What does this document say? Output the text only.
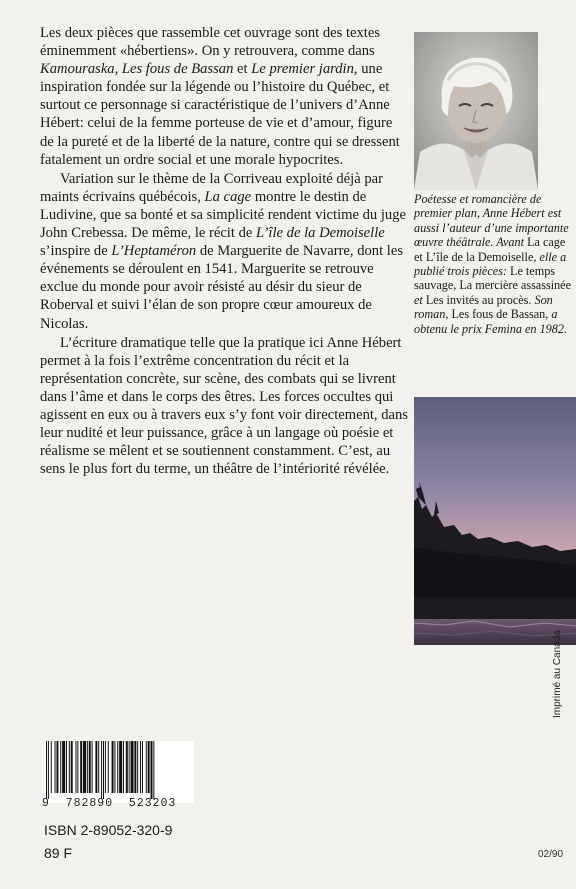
Les deux pièces que rassemble cet ouvrage sont des textes éminemment «hébertiens». On y retrouvera, comme dans Kamouraska, Les fous de Bassan et Le premier jardin, une inspiration fondée sur la légende ou l’histoire du Québec, et surtout ce personnage si caractéristique de l’univers d’Anne Hébert: celui de la femme porteuse de vie et d’amour, figure de la pureté et de la liberté de la nature, contre qui se dressent fatalement un ordre social et une morale hypocrites.

Variation sur le thème de la Corriveau exploité déjà par maints écrivains québécois, La cage montre le destin de Ludivine, que sa bonté et sa simplicité rendent victime du juge John Crebessa. De même, le récit de L’île de la Demoiselle s’inspire de L’Heptaméron de Marguerite de Navarre, dont les événements se déroulent en 1541. Marguerite se retrouve exclue du monde pour avoir résisté au désir du sieur de Roberval et suivi l’élan de son propre cœur amoureux de Nicolas.

L’écriture dramatique telle que la pratique ici Anne Hébert permet à la fois l’extrême concentration du récit et la représentation concrète, sur scène, des combats qui se livrent dans l’âme et dans le corps des êtres. Les forces occultes qui agissent en eux ou à travers eux s’y font voir directement, dans leur nudité et leur puissance, grâce à un langage où poésie et réalisme se mêlent et se soutiennent constamment. C’est, au sens le plus fort du terme, un théâtre de l’intériorité révélée.

Poétesse et romancière de premier plan, Anne Hébert est aussi l’auteur d’une importante œuvre théâtrale. Avant La cage et L’île de la Demoiselle, elle a publié trois pièces: Le temps sauvage, La mercière assassinée et Les invités au procès. Son roman, Les fous de Bassan, a obtenu le prix Femina en 1982.

Imprimé au Canada
9  782890  523203
ISBN 2-89052-320-9
89 F	02/90
